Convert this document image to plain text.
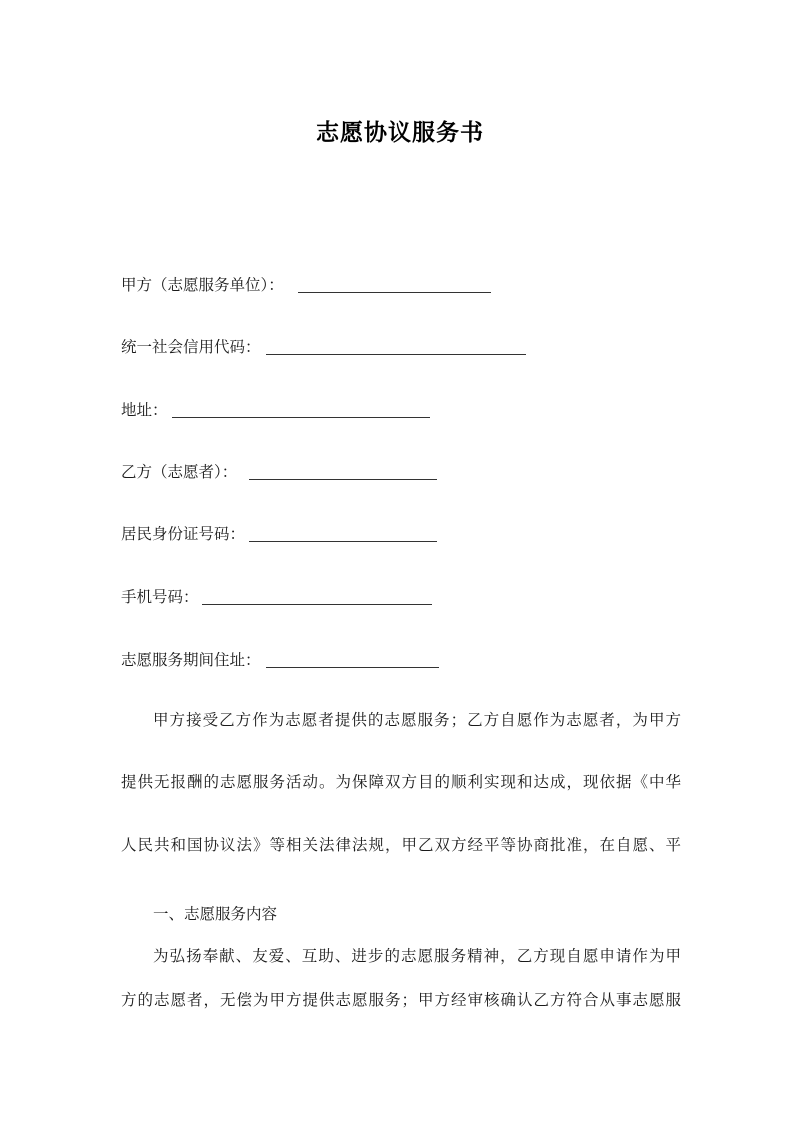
志愿协议服务书
甲方（志愿服务单位）：
统一社会信用代码：
地址：
乙方（志愿者）：
居民身份证号码：
手机号码：
志愿服务期间住址：
甲方接受乙方作为志愿者提供的志愿服务；乙方自愿作为志愿者，为甲方
提供无报酬的志愿服务活动。为保障双方目的顺利实现和达成，现依据《中华
人民共和国协议法》等相关法律法规，甲乙双方经平等协商批准，在自愿、平
一、志愿服务内容
为弘扬奉献、友爱、互助、进步的志愿服务精神，乙方现自愿申请作为甲
方的志愿者，无偿为甲方提供志愿服务；甲方经审核确认乙方符合从事志愿服
